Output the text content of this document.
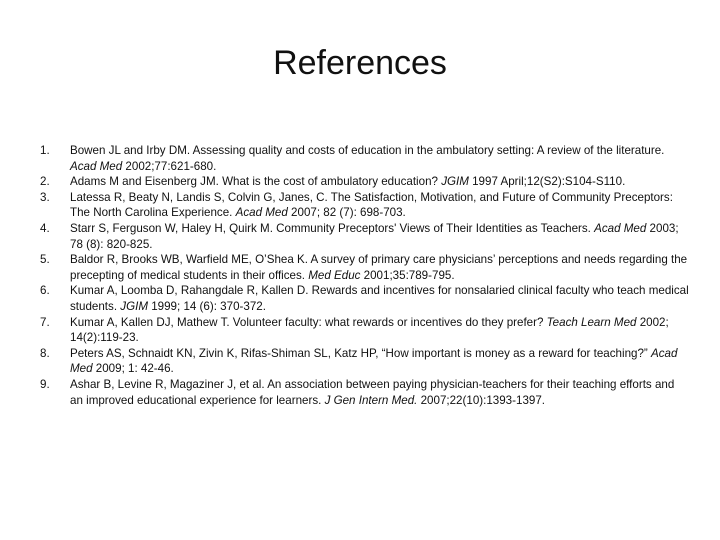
References
1.	Bowen JL and Irby DM. Assessing quality and costs of education in the ambulatory setting: A review of the literature. Acad Med 2002;77:621-680.
2.	Adams M and Eisenberg JM. What is the cost of ambulatory education? JGIM 1997 April;12(S2):S104-S110.
3.	Latessa R, Beaty N, Landis S, Colvin G, Janes, C. The Satisfaction, Motivation, and Future of Community Preceptors: The North Carolina Experience. Acad Med 2007; 82 (7): 698-703.
4.	Starr S, Ferguson W, Haley H, Quirk M. Community Preceptors' Views of Their Identities as Teachers. Acad Med 2003; 78 (8): 820-825.
5.	Baldor R, Brooks WB, Warfield ME, O’Shea K. A survey of primary care physicians’ perceptions and needs regarding the precepting of medical students in their offices. Med Educ 2001;35:789-795.
6.	Kumar A, Loomba D, Rahangdale R, Kallen D. Rewards and incentives for nonsalaried clinical faculty who teach medical students. JGIM 1999; 14 (6): 370-372.
7.	Kumar A, Kallen DJ, Mathew T. Volunteer faculty: what rewards or incentives do they prefer? Teach Learn Med 2002; 14(2):119-23.
8.	Peters AS, Schnaidt KN, Zivin K, Rifas-Shiman SL, Katz HP, “How important is money as a reward for teaching?” Acad Med 2009; 1: 42-46.
9.	Ashar B, Levine R, Magaziner J, et al. An association between paying physician-teachers for their teaching efforts and an improved educational experience for learners. J Gen Intern Med. 2007;22(10):1393-1397.
